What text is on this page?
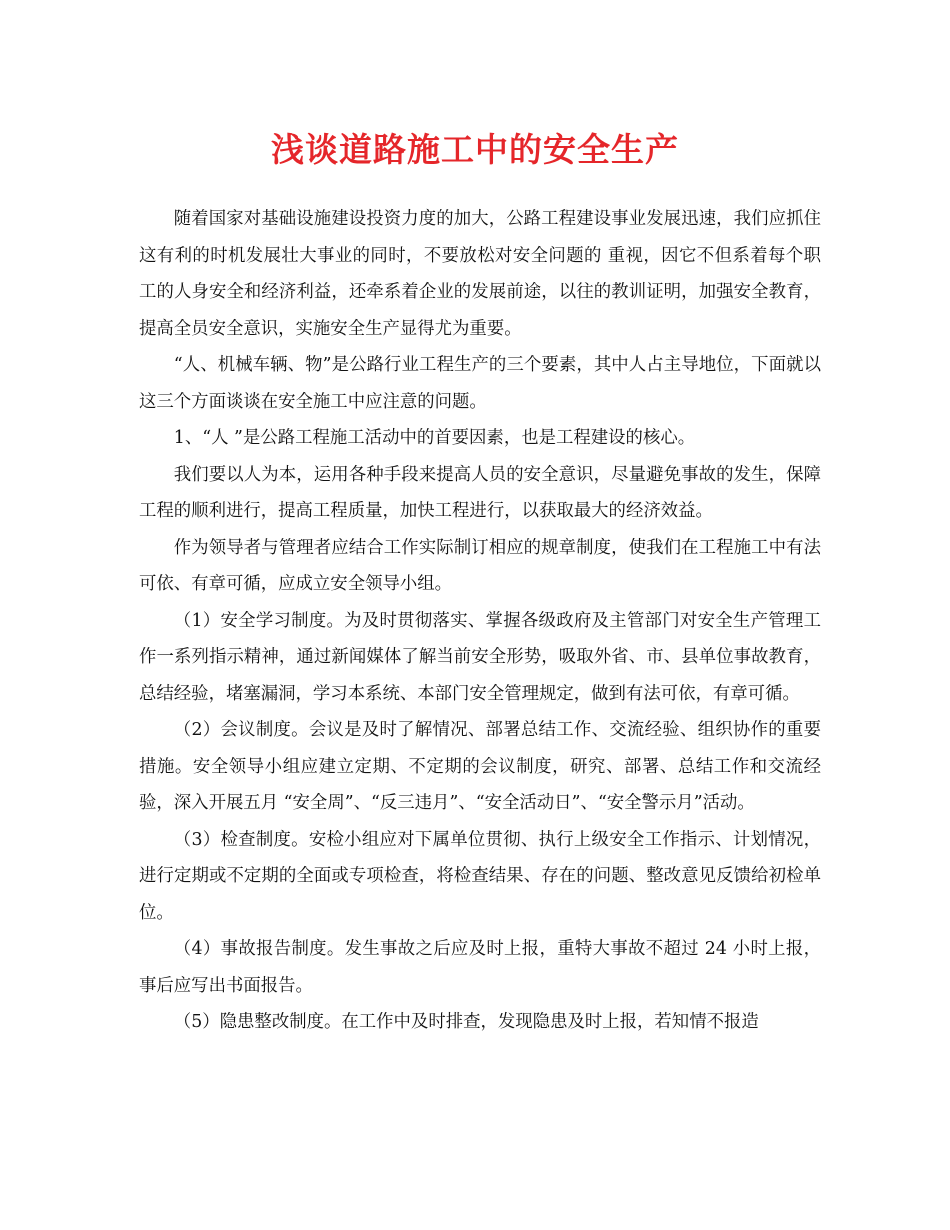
浅谈道路施工中的安全生产

随着国家对基础设施建设投资力度的加大，公路工程建设事业发展迅速，我们应抓住 这有利的时机发展壮大事业的同时，不要放松对安全问题的 重视，因它不但系着每个职工的人身安全和经济利益，还牵系着企业的发展前途，以往的教训证明，加强安全教育，提高全员安全意识，实施安全生产显得尤为重要。

“人、机械车辆、物”是公路行业工程生产的三个要素，其中人占主导地位，下面就以这三个方面谈谈在安全施工中应注意的问题。

1、“人 ”是公路工程施工活动中的首要因素，也是工程建设的核心。

我们要以人为本，运用各种手段来提高人员的安全意识，尽量避免事故的发生，保障工程的顺利进行，提高工程质量，加快工程进行，以获取最大的经济效益。

作为领导者与管理者应结合工作实际制订相应的规章制度，使我们在工程施工中有法可依、有章可循，应成立安全领导小组。

（1）安全学习制度。为及时贯彻落实、掌握各级政府及主管部门对安全生产管理工作一系列指示精神，通过新闻媒体了解当前安全形势，吸取外省、市、县单位事故教育，总结经验，堵塞漏洞，学习本系统、本部门安全管理规定，做到有法可依，有章可循。

（2）会议制度。会议是及时了解情况、部署总结工作、交流经验、组织协作的重要措施。安全领导小组应建立定期、不定期的会议制度，研究、部署、总结工作和交流经验，深入开展五月 “安全周”、“反三违月”、“安全活动日”、“安全警示月”活动。

（3）检查制度。安检小组应对下属单位贯彻、执行上级安全工作指示、计划情况，进行定期或不定期的全面或专项检查，将检查结果、存在的问题、整改意见反馈给初检单位。

（4）事故报告制度。发生事故之后应及时上报，重特大事故不超过 24 小时上报，事后应写出书面报告。

（5）隐患整改制度。在工作中及时排查，发现隐患及时上报，若知情不报造
